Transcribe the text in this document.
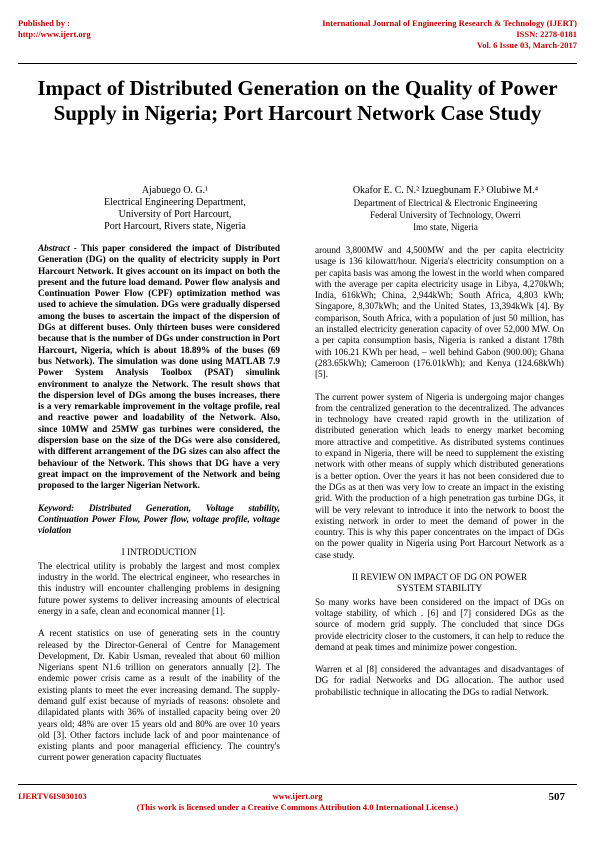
Published by :
http://www.ijert.org
International Journal of Engineering Research & Technology (IJERT)
ISSN: 2278-0181
Vol. 6 Issue 03, March-2017
Impact of Distributed Generation on the Quality of Power Supply in Nigeria; Port Harcourt Network Case Study
Ajabuego O. G.¹
Electrical Engineering Department,
University of Port Harcourt,
Port Harcourt, Rivers state, Nigeria
Okafor E. C. N.² Izuegbunam F.³ Olubiwe M.⁴
Department of Electrical & Electronic Engineering
Federal University of Technology, Owerri
Imo state, Nigeria

Abstract - This paper considered the impact of Distributed Generation (DG) on the quality of electricity supply in Port Harcourt Network. It gives account on its impact on both the present and the future load demand. Power flow analysis and Continuation Power Flow (CPF) optimization method was used to achieve the simulation. DGs were gradually dispersed among the buses to ascertain the impact of the dispersion of DGs at different buses. Only thirteen buses were considered because that is the number of DGs under construction in Port Harcourt, Nigeria, which is about 18.89% of the buses (69 bus Network). The simulation was done using MATLAB 7.9 Power System Analysis Toolbox (PSAT) simulink environment to analyze the Network. The result shows that the dispersion level of DGs among the buses increases, there is a very remarkable improvement in the voltage profile, real and reactive power and loadability of the Network. Also, since 10MW and 25MW gas turbines were considered, the dispersion base on the size of the DGs were also considered, with different arrangement of the DG sizes can also affect the behaviour of the Network. This shows that DG have a very great impact on the improvement of the Network and being proposed to the larger Nigerian Network.

Keyword: Distributed Generation, Voltage stability, Continuation Power Flow, Power flow, voltage profile, voltage violation

I INTRODUCTION

The electrical utility is probably the largest and most complex industry in the world. The electrical engineer, who researches in this industry will encounter challenging problems in designing future power systems to deliver increasing amounts of electrical energy in a safe, clean and economical manner [1].

A recent statistics on use of generating sets in the country released by the Director-General of Centre for Management Development, Dr. Kabir Usman, revealed that about 60 million Nigerians spent N1.6 trillion on generators annually [2]. The endemic power crisis came as a result of the inability of the existing plants to meet the ever increasing demand. The supply-demand gulf exist because of myriads of reasons: obsolete and dilapidated plants with 36% of installed capacity being over 20 years old; 48% are over 15 years old and 80% are over 10 years old [3]. Other factors include lack of and poor maintenance of existing plants and poor managerial efficiency. The country's current power generation capacity fluctuates

around 3,800MW and 4,500MW and the per capita electricity usage is 136 kilowatt/hour. Nigeria's electricity consumption on a per capita basis was among the lowest in the world when compared with the average per capita electricity usage in Libya, 4,270kWh; India, 616kWh; China, 2,944kWh; South Africa, 4,803 kWh; Singapore, 8,307kWh; and the United States, 13,394kWk [4]. By comparison, South Africa, with a population of just 50 million, has an installed electricity generation capacity of over 52,000 MW. On a per capita consumption basis, Nigeria is ranked a distant 178th with 106.21 KWh per head, – well behind Gabon (900.00); Ghana (283.65kWh); Cameroon (176.01kWh); and Kenya (124.68kWh) [5].

The current power system of Nigeria is undergoing major changes from the centralized generation to the decentralized. The advances in technology have created rapid growth in the utilization of distributed generation which leads to energy market becoming more attractive and competitive. As distributed systems continues to expand in Nigeria, there will be need to supplement the existing network with other means of supply which distributed generations is a better option. Over the years it has not been considered due to the DGs as at then was very low to create an impact in the existing grid. With the production of a high penetration gas turbine DGs, it will be very relevant to introduce it into the network to boost the existing network in order to meet the demand of power in the country. This is why this paper concentrates on the impact of DGs on the power quality in Nigeria using Port Harcourt Network as a case study.

II REVIEW ON IMPACT OF DG ON POWER
SYSTEM STABILITY

So many works have been considered on the impact of DGs on voltage stability, of which . [6] and [7] considered DGs as the source of modern grid supply. The concluded that since DGs provide electricity closer to the customers, it can help to reduce the demand at peak times and minimize power congestion.

Warren et al [8] considered the advantages and disadvantages of DG for radial Networks and DG allocation. The author used probabilistic technique in allocating the DGs to radial Network.

IJERTV6IS030103	www.ijert.org
(This work is licensed under a Creative Commons Attribution 4.0 International License.)
507
